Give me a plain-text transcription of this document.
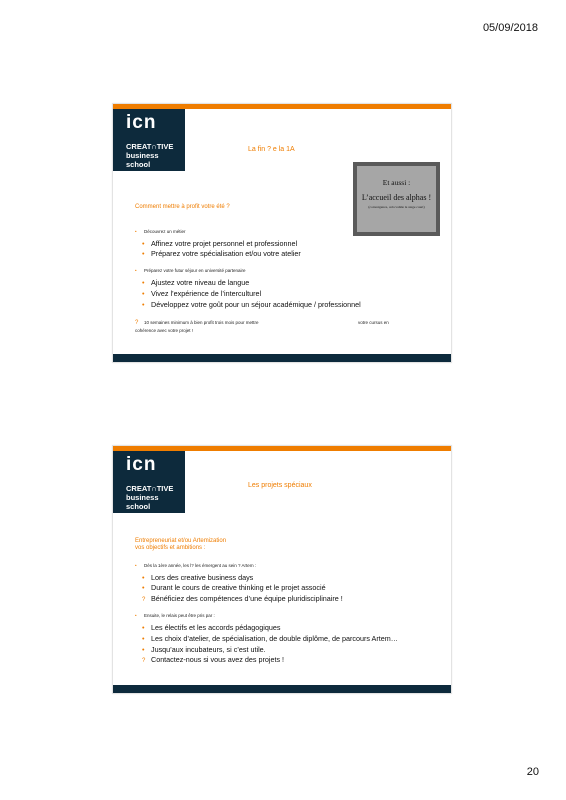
05/09/2018
icn
CREAT∩TIVE
business
school
La fin ? e la 1A
Comment mettre à profit votre été ?
• Découvrez un métier
• Affinez votre projet personnel et professionnel
• Préparez votre spécialisation et/ou votre atelier
• Préparez votre futur séjour en université partenaire
• Ajustez votre niveau de langue
• Vivez l’expérience de l’interculturel
• Développez votre goût pour un séjour académique / professionnel
? 10 semaines minimum à bien profit trois mois pour mettre	votre cursus en
cohérence avec votre projet !
Et aussi :
L’accueil des alphas !
(convergence, cela valide le stage court)
icn
CREAT∩TIVE
business
school
Les projets spéciaux
Entrepreneuriat et/ou Artemization vos objectifs et ambitions :
• Dès la 1ère année, les l? les émergent au sein ? Artem :
• Lors des creative business days
• Durant le cours de creative thinking et le projet associé
? Bénéficiez des compétences d’une équipe pluridisciplinaire !
• Ensuite, le relais peut être pris par :
• Les électifs et les accords pédagogiques
• Les choix d’atelier, de spécialisation, de double diplôme, de parcours Artem…
• Jusqu’aux incubateurs, si c’est utile.
? Contactez-nous si vous avez des projets !
20
